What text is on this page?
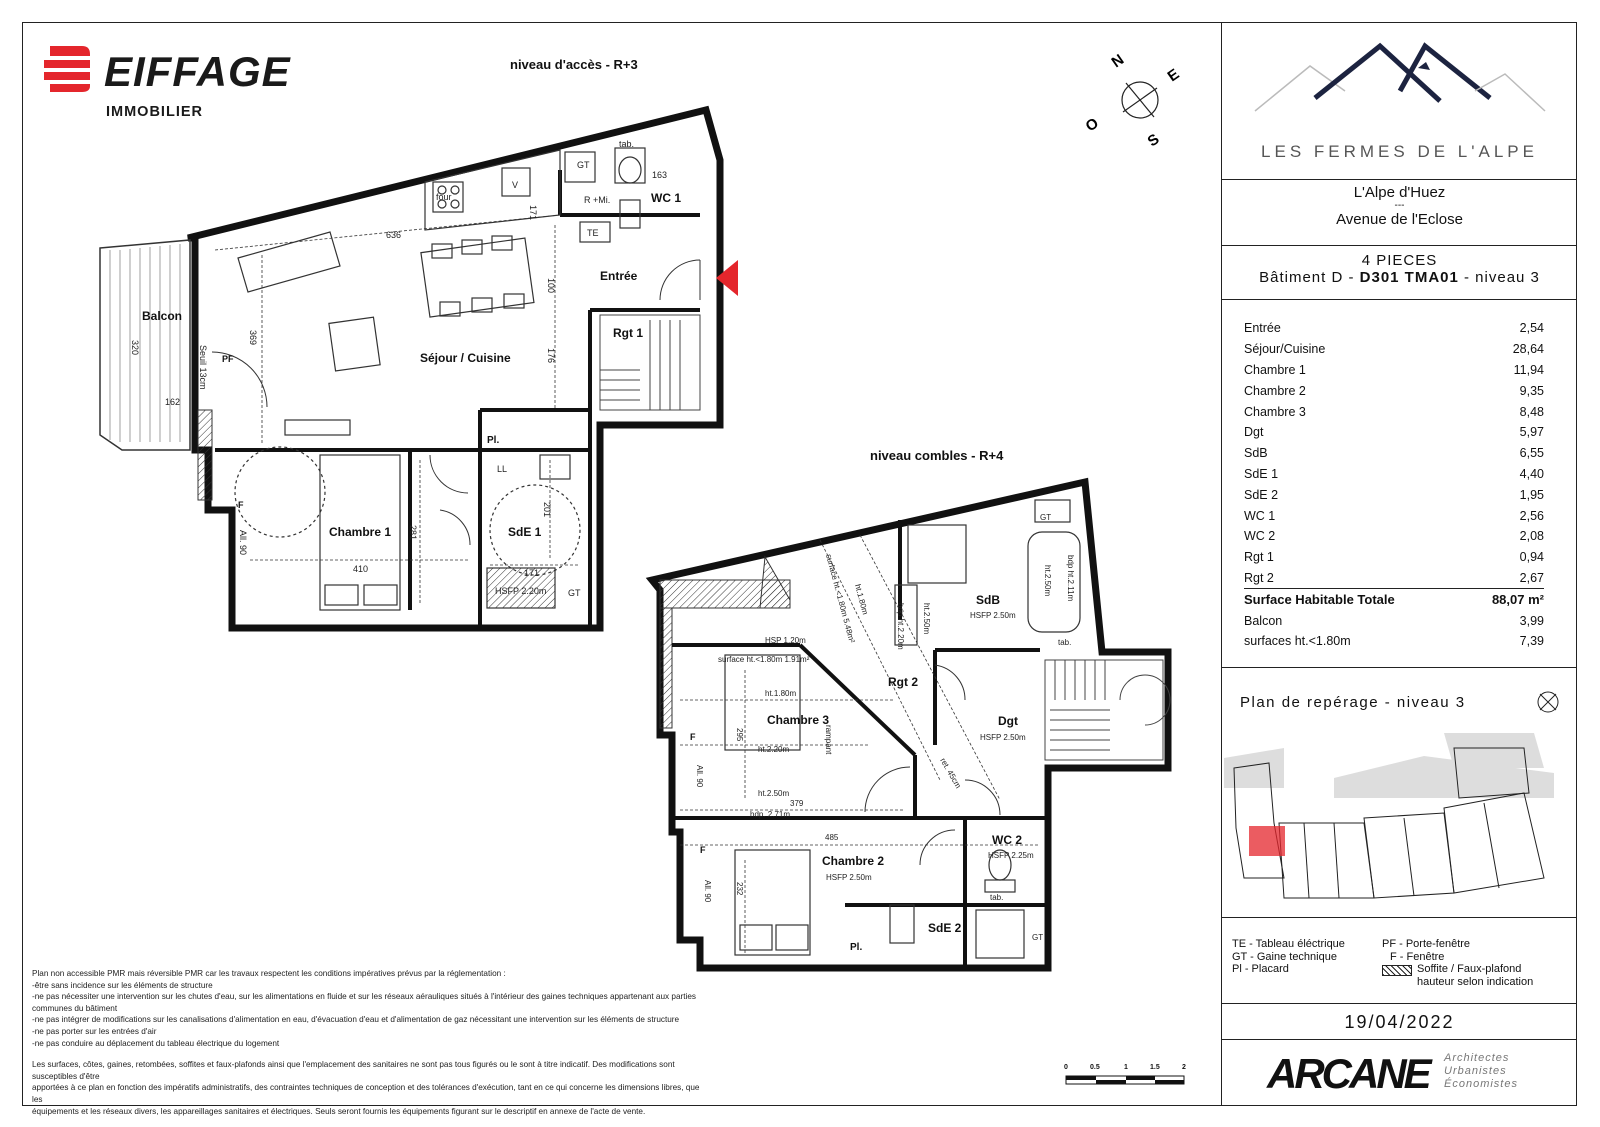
EIFFAGE
IMMOBILIER
niveau d'accès - R+3
niveau combles - R+4
N
E
S
O
Balcon
Séjour / Cuisine
Entrée
WC 1
Rgt 1
Chambre 1	SdE 1
Pl.
PF
F
LL
GT
tab.
four
V
R +Mi.
TE
HSFP 2.20m GT
All. 90
Seuil 13cm
636
369
320
162
171
100
176
163
281
410
201
171
Chambre 3
Rgt 2
SdB
Dgt
Chambre 2
WC 2
SdE 2
Pl.
F
F
GT
GT
tab.
tab.
rampant
HSP 1.20m
surface ht.<1.80m 1.91m²
ht.1.80m
ht.2.20m
ht.2.50m
hdp. 2.71m
surface ht.<1.80m 5.48m²
ht.1.80m
bdp ht.2.20m ht.2.50m	HSFP 2.50m
HSFP 2.50m
HSFP 2.50m
HSFP 2.25m
bdp ht.2.11m
ht.2.50m
ret. 45cm
All. 90
All. 90
295
379
485
232

Plan non accessible PMR mais réversible PMR car les travaux respectent les conditions impératives prévus par la réglementation :

-être sans incidence sur les éléments de structure

-ne pas nécessiter une intervention sur les chutes d'eau, sur les alimentations en fluide et sur les réseaux aérauliques situés à l'intérieur des gaines techniques appartenant aux parties

communes du bâtiment

-ne pas intégrer de modifications sur les canalisations d'alimentation en eau, d'évacuation d'eau et d'alimentation de gaz nécessitant une intervention sur les éléments de structure

-ne pas porter sur les entrées d'air

-ne pas conduire au déplacement du tableau électrique du logement

Les surfaces, côtes, gaines, retombées, soffites et faux-plafonds ainsi que l'emplacement des sanitaires ne sont pas tous figurés ou le sont à titre indicatif. Des modifications sont susceptibles d'être

apportées à ce plan en fonction des impératifs administratifs, des contraintes techniques de conception et des tolérances d'exécution, tant en ce qui concerne les dimensions libres, que les

équipements et les réseaux divers, les appareillages sanitaires et électriques. Seuls seront fournis les équipements figurant sur le descriptif en annexe de l'acte de vente.

0	0.5	1	1.5	2
LES FERMES DE L'ALPE
L'Alpe d'Huez
---
Avenue de l'Eclose
4 PIECES
Bâtiment D - D301 TMA01 - niveau 3
Entrée	2,54
Séjour/Cuisine	28,64
Chambre 1	11,94
Chambre 2	9,35
Chambre 3	8,48
Dgt	5,97
SdB	6,55
SdE 1	4,40
SdE 2	1,95
WC 1	2,56
WC 2	2,08
Rgt 1	0,94
Rgt 2	2,67
Surface Habitable Totale	88,07 m²
Balcon	3,99
surfaces ht.<1.80m	7,39
Plan de repérage - niveau 3
TE - Tableau éléctrique
GT - Gaine technique
Pl - Placard
PF - Porte-fenêtre
F - Fenêtre
Soffite / Faux-plafond
hauteur selon indication
19/04/2022
ARCANE Architectes
Urbanistes
Économistes
